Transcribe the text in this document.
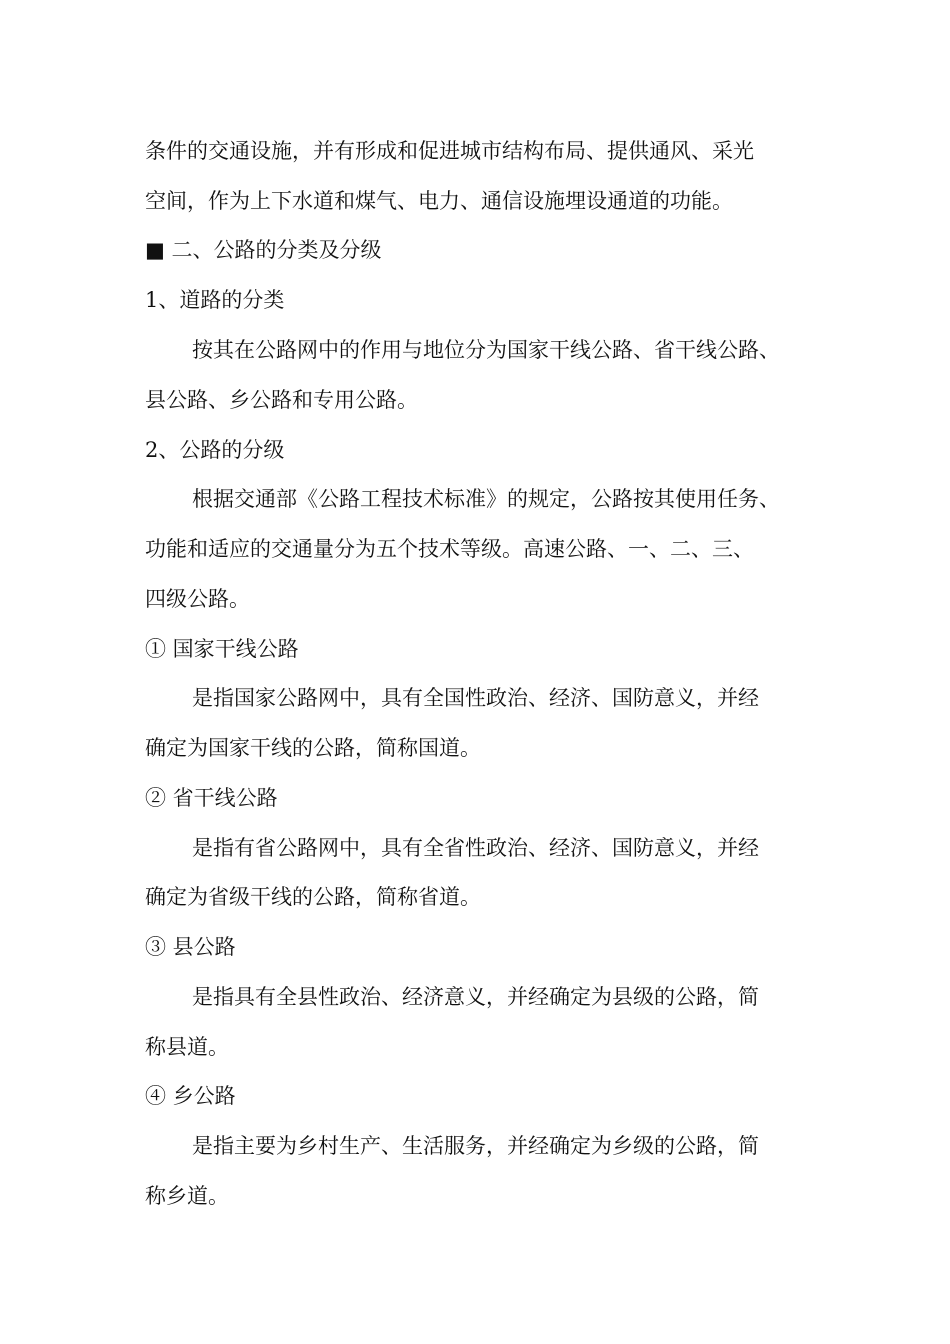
条件的交通设施，并有形成和促进城市结构布局、提供通风、采光
空间，作为上下水道和煤气、电力、通信设施埋设通道的功能。
■ 二、公路的分类及分级
1、道路的分类
按其在公路网中的作用与地位分为国家干线公路、省干线公路、
县公路、乡公路和专用公路。
2、公路的分级
根据交通部《公路工程技术标准》的规定，公路按其使用任务、
功能和适应的交通量分为五个技术等级。高速公路、一、二、三、
四级公路。
① 国家干线公路
是指国家公路网中，具有全国性政治、经济、国防意义，并经
确定为国家干线的公路，简称国道。
② 省干线公路
是指有省公路网中，具有全省性政治、经济、国防意义，并经
确定为省级干线的公路，简称省道。
③ 县公路
是指具有全县性政治、经济意义，并经确定为县级的公路，简
称县道。
④ 乡公路
是指主要为乡村生产、生活服务，并经确定为乡级的公路，简
称乡道。
